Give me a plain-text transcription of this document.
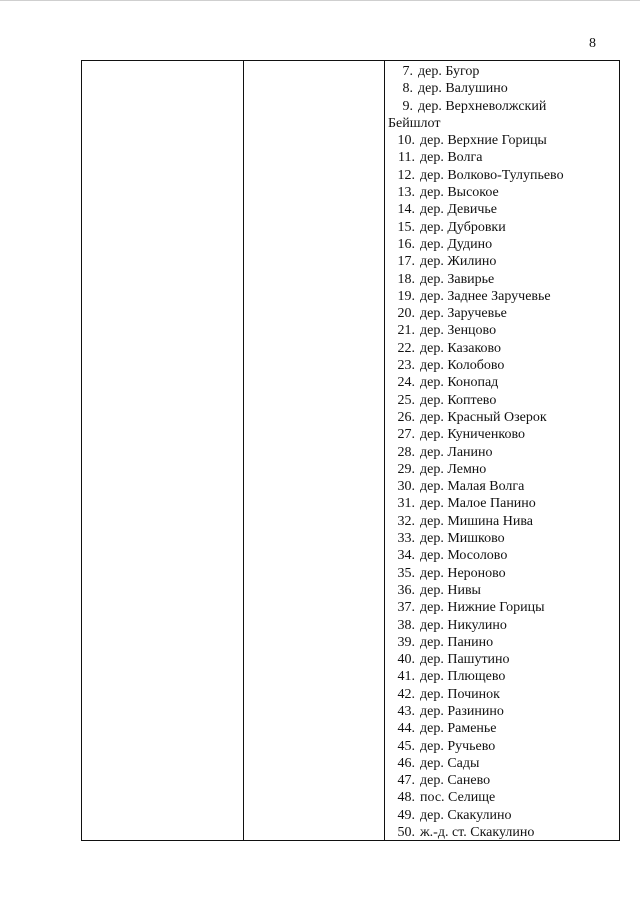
8
7. дер. Бугор
8. дер. Валушино
9. дер. Верхневолжский
Бейшлот
10. дер. Верхние Горицы
11. дер. Волга
12. дер. Волково-Тулупьево
13. дер. Высокое
14. дер. Девичье
15. дер. Дубровки
16. дер. Дудино
17. дер. Жилино
18. дер. Завирье
19. дер. Заднее Заручевье
20. дер. Заручевье
21. дер. Зенцово
22. дер. Казаково
23. дер. Колобово
24. дер. Конопад
25. дер. Коптево
26. дер. Красный Озерок
27. дер. Куниченково
28. дер. Ланино
29. дер. Лемно
30. дер. Малая Волга
31. дер. Малое Панино
32. дер. Мишина Нива
33. дер. Мишково
34. дер. Мосолово
35. дер. Нероново
36. дер. Нивы
37. дер. Нижние Горицы
38. дер. Никулино
39. дер. Панино
40. дер. Пашутино
41. дер. Плющево
42. дер. Починок
43. дер. Разинино
44. дер. Раменье
45. дер. Ручьево
46. дер. Сады
47. дер. Санево
48. пос. Селище
49. дер. Скакулино
50. ж.-д. ст. Скакулино
